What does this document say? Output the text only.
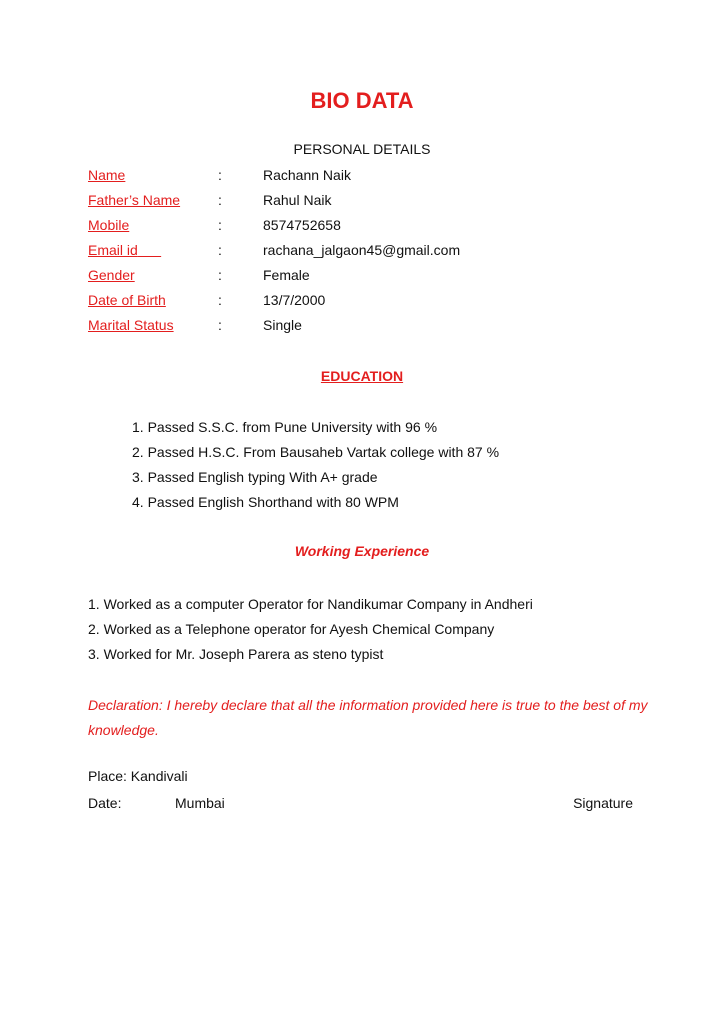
BIO DATA

PERSONAL DETAILS

Name	:	Rachann Naik
Father’s Name	:	Rahul Naik
Mobile	:	8574752658
Email id	:	rachana_jalgaon45@gmail.com
Gender	:	Female
Date of Birth	:	13/7/2000
Marital Status	:	Single

EDUCATION

1. Passed S.S.C. from Pune University with 96 %
2. Passed H.S.C. From Bausaheb Vartak college with 87 %
3. Passed English typing With A+ grade
4. Passed English Shorthand with 80 WPM

Working Experience

1. Worked as a computer Operator for Nandikumar Company in Andheri
2. Worked as a Telephone operator for Ayesh Chemical Company
3. Worked for Mr. Joseph Parera as steno typist

Declaration: I hereby declare that all the information provided here is true to the best of my knowledge.

Place: Kandivali
Date:	Mumbai	Signature
